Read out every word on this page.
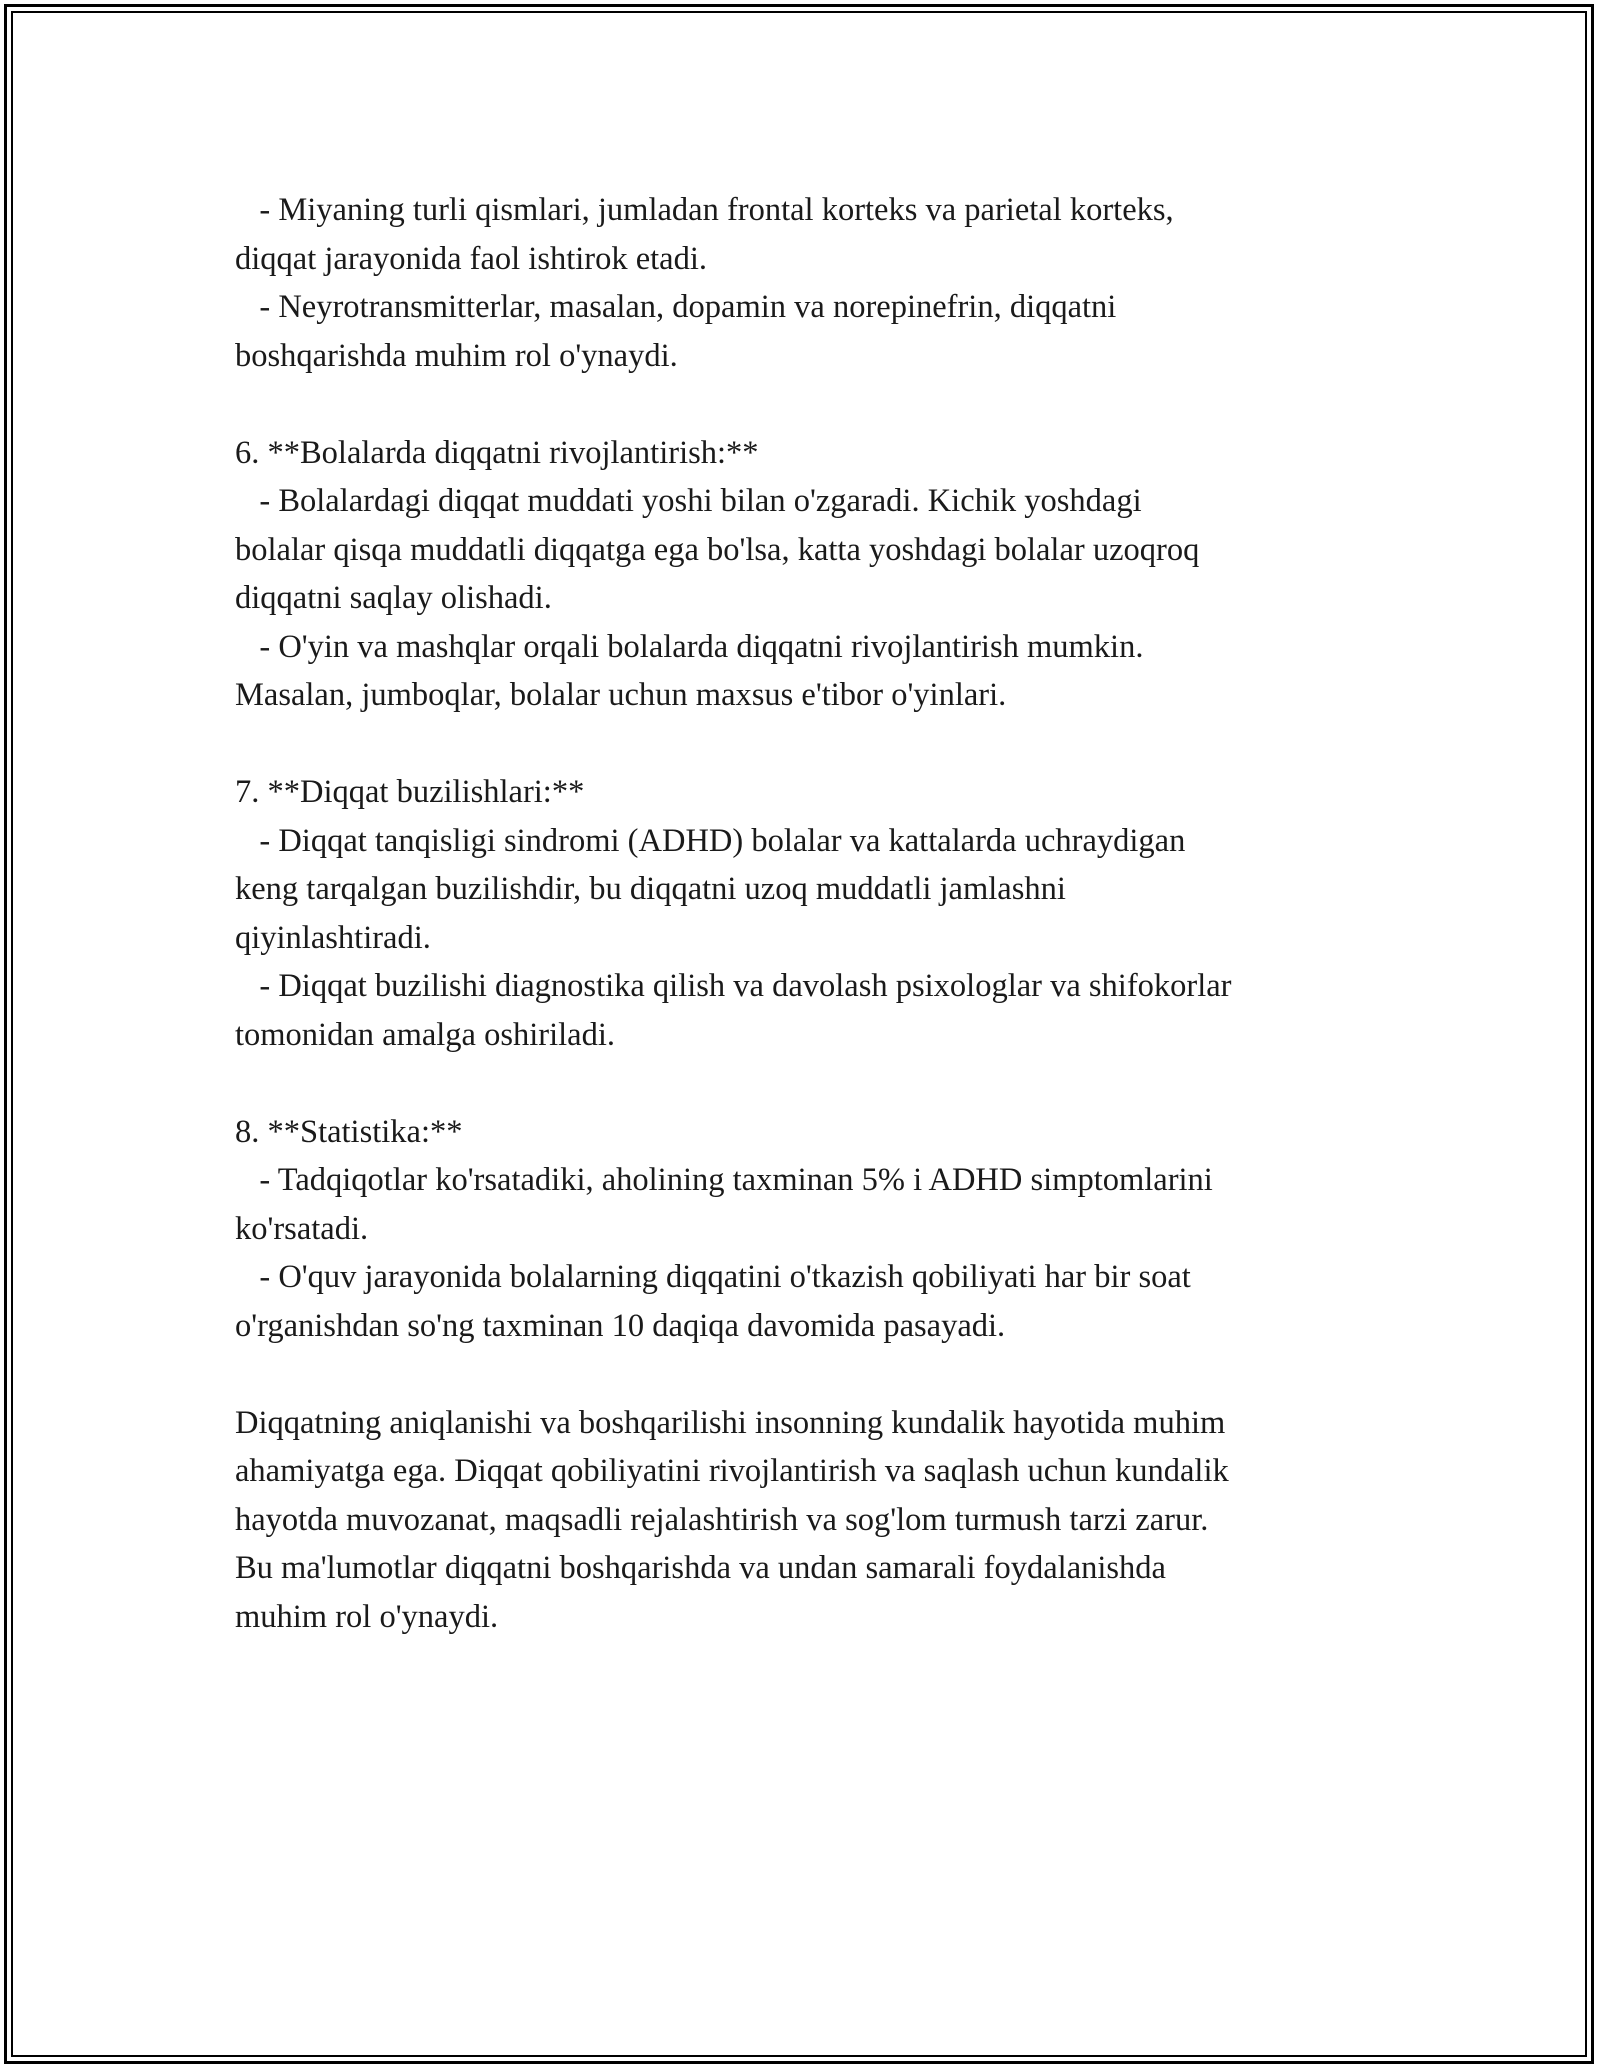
- Miyaning turli qismlari, jumladan frontal korteks va parietal korteks,
diqqat jarayonida faol ishtirok etadi.
- Neyrotransmitterlar, masalan, dopamin va norepinefrin, diqqatni
boshqarishda muhim rol o'ynaydi.
6. **Bolalarda diqqatni rivojlantirish:**
- Bolalardagi diqqat muddati yoshi bilan o'zgaradi. Kichik yoshdagi
bolalar qisqa muddatli diqqatga ega bo'lsa, katta yoshdagi bolalar uzoqroq
diqqatni saqlay olishadi.
- O'yin va mashqlar orqali bolalarda diqqatni rivojlantirish mumkin.
Masalan, jumboqlar, bolalar uchun maxsus e'tibor o'yinlari.
7. **Diqqat buzilishlari:**
- Diqqat tanqisligi sindromi (ADHD) bolalar va kattalarda uchraydigan
keng tarqalgan buzilishdir, bu diqqatni uzoq muddatli jamlashni
qiyinlashtiradi.
- Diqqat buzilishi diagnostika qilish va davolash psixologlar va shifokorlar
tomonidan amalga oshiriladi.
8. **Statistika:**
- Tadqiqotlar ko'rsatadiki, aholining taxminan 5% i ADHD simptomlarini
ko'rsatadi.
- O'quv jarayonida bolalarning diqqatini o'tkazish qobiliyati har bir soat
o'rganishdan so'ng taxminan 10 daqiqa davomida pasayadi.
Diqqatning aniqlanishi va boshqarilishi insonning kundalik hayotida muhim
ahamiyatga ega. Diqqat qobiliyatini rivojlantirish va saqlash uchun kundalik
hayotda muvozanat, maqsadli rejalashtirish va sog'lom turmush tarzi zarur.
Bu ma'lumotlar diqqatni boshqarishda va undan samarali foydalanishda
muhim rol o'ynaydi.
